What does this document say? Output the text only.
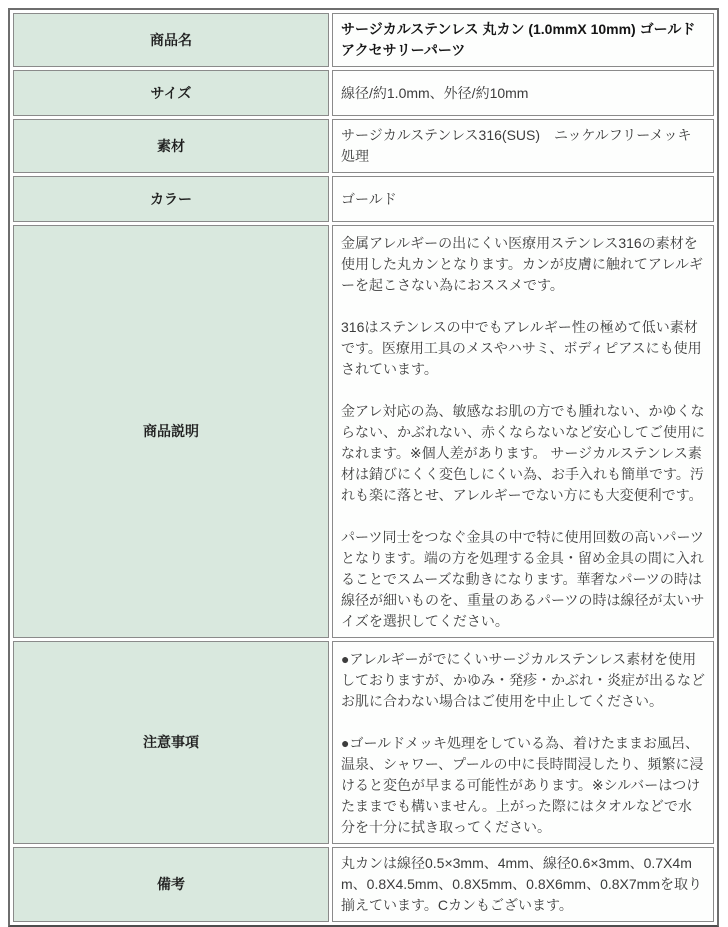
商品名	サージカルステンレス 丸カン (1.0mmX 10mm) ゴールド アクセサリーパーツ

サイズ	線径/約1.0mm、外径/約10mm

素材	サージカルステンレス316(SUS)　ニッケルフリーメッキ処理

カラー	ゴールド

商品説明	金属アレルギーの出にくい医療用ステンレス316の素材を使用した丸カンとなります。カンが皮膚に触れてアレルギーを起こさない為におススメです。

316はステンレスの中でもアレルギー性の極めて低い素材です。医療用工具のメスやハサミ、ボディピアスにも使用されています。

金アレ対応の為、敏感なお肌の方でも腫れない、かゆくならない、かぶれない、赤くならないなど安心してご使用になれます。※個人差があります。 サージカルステンレス素材は錆びにくく変色しにくい為、お手入れも簡単です。汚れも楽に落とせ、アレルギーでない方にも大変便利です。

パーツ同士をつなぐ金具の中で特に使用回数の高いパーツとなります。端の方を処理する金具・留め金具の間に入れることでスムーズな動きになります。華奢なパーツの時は線径が細いものを、重量のあるパーツの時は線径が太いサイズを選択してください。

注意事項	●アレルギーがでにくいサージカルステンレス素材を使用しておりますが、かゆみ・発疹・かぶれ・炎症が出るなどお肌に合わない場合はご使用を中止してください。

●ゴールドメッキ処理をしている為、着けたままお風呂、温泉、シャワー、プールの中に長時間浸したり、頻繁に浸けると変色が早まる可能性があります。※シルバーはつけたままでも構いません。上がった際にはタオルなどで水分を十分に拭き取ってください。

備考	丸カンは線径0.5×3mm、4mm、線径0.6×3mm、0.7X4mm、0.8X4.5mm、0.8X5mm、0.8X6mm、0.8X7mmを取り揃えています。Cカンもございます。
